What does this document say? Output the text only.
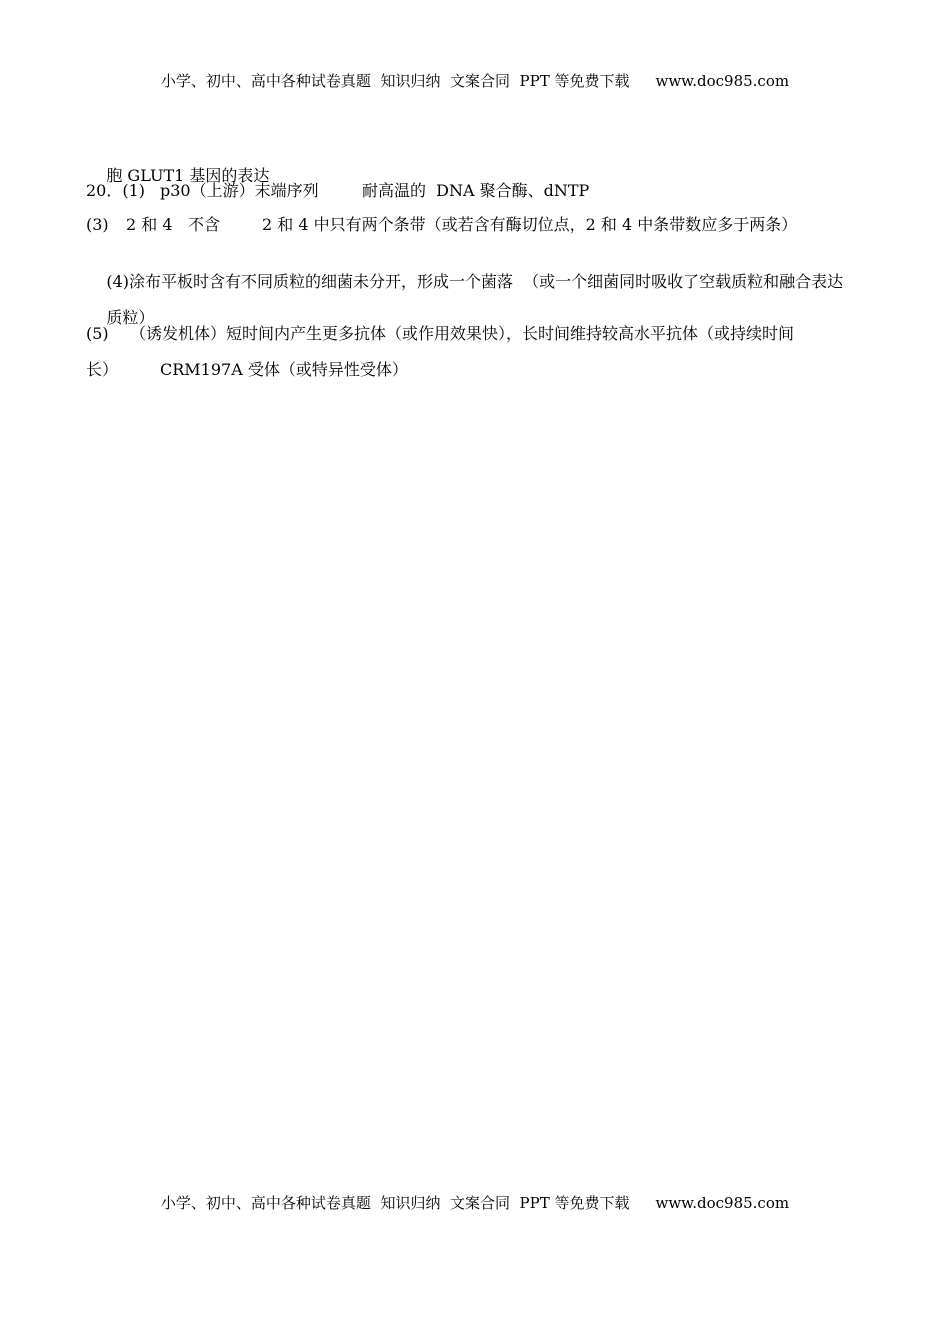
小学、初中、高中各种试卷真题  知识归纳  文案合同  PPT 等免费下载 www.doc985.com

胞 GLUT1 基因的表达

20．(1)

p30（上游）末端序列

	耐高温的  DNA 聚合酶、dNTP

(3)

2 和 4

不含

	2 和 4 中只有两个条带（或若含有酶切位点，2 和 4 中条带数应多于两条）

(4)涂布平板时含有不同质粒的细菌未分开，形成一个菌落  （或一个细菌同时吸收了空载质粒和融合表达

质粒）

(5)

（诱发机体）短时间内产生更多抗体（或作用效果快），长时间维持较高水平抗体（或持续时间

长）

	CRM197A 受体（或特异性受体）

小学、初中、高中各种试卷真题  知识归纳  文案合同  PPT 等免费下载 www.doc985.com
